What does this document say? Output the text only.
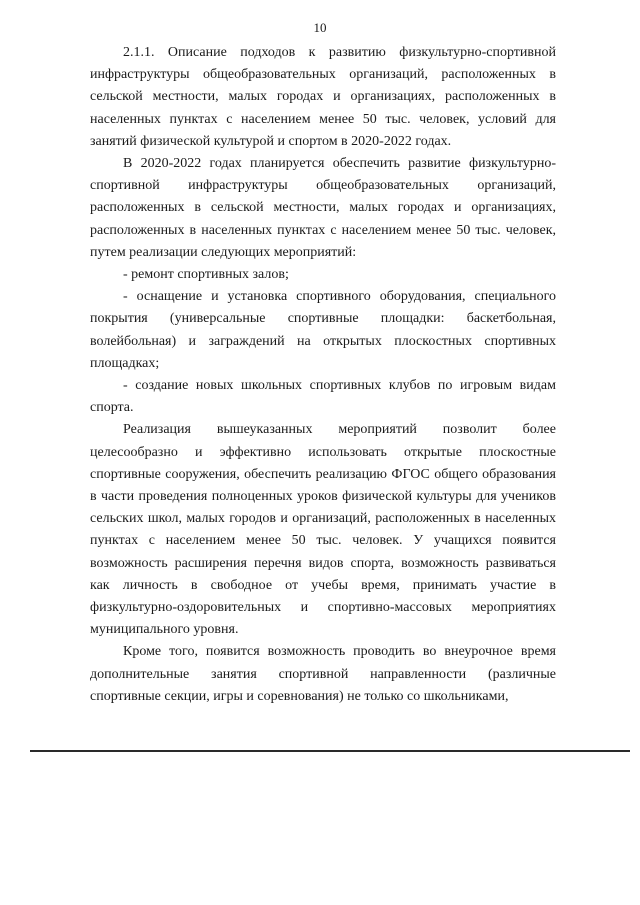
10

2.1.1. Описание подходов к развитию физкультурно-спортивной инфраструктуры общеобразовательных организаций, расположенных в сельской местности, малых городах и организациях, расположенных в населенных пунктах с населением менее 50 тыс. человек, условий для занятий физической культурой и спортом в 2020-2022 годах.

В 2020-2022 годах планируется обеспечить развитие физкультурно-спортивной инфраструктуры общеобразовательных организаций, расположенных в сельской местности, малых городах и организациях, расположенных в населенных пунктах с населением менее 50 тыс. человек, путем реализации следующих мероприятий:

- ремонт спортивных залов;

- оснащение и установка спортивного оборудования, специального покрытия (универсальные спортивные площадки: баскетбольная, волейбольная) и заграждений на открытых плоскостных спортивных площадках;

- создание новых школьных спортивных клубов по игровым видам спорта.

Реализация вышеуказанных мероприятий позволит более целесообразно и эффективно использовать открытые плоскостные спортивные сооружения, обеспечить реализацию ФГОС общего образования в части проведения полноценных уроков физической культуры для учеников сельских школ, малых городов и организаций, расположенных в населенных пунктах с населением менее 50 тыс. человек. У учащихся появится возможность расширения перечня видов спорта, возможность развиваться как личность в свободное от учебы время, принимать участие в физкультурно-оздоровительных и спортивно-массовых мероприятиях муниципального уровня.

Кроме того, появится возможность проводить во внеурочное время дополнительные занятия спортивной направленности (различные спортивные секции, игры и соревнования) не только со школьниками,
